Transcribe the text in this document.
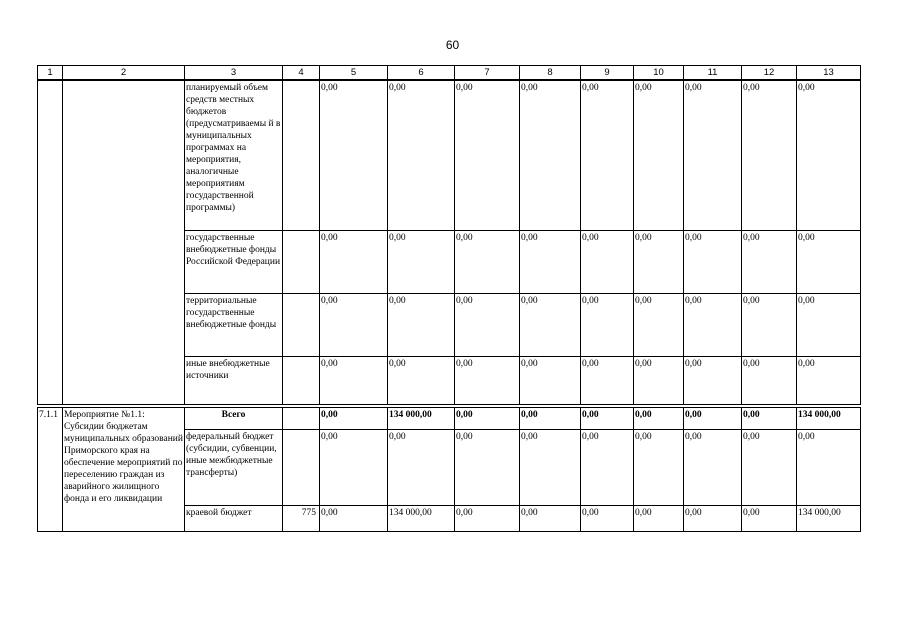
60
1	2	3	4	5	6	7	8	9	10	11	12	13
		планируемый объем средств местных бюджетов (предусматриваемы й в муниципальных программах на мероприятия, аналогичные мероприятиям государственной программы)		0,00	0,00	0,00	0,00	0,00	0,00	0,00	0,00	0,00
		государственные внебюджетные фонды Российской Федерации		0,00	0,00	0,00	0,00	0,00	0,00	0,00	0,00	0,00
		территориальные государственные внебюджетные фонды		0,00	0,00	0,00	0,00	0,00	0,00	0,00	0,00	0,00
		иные внебюджетные источники		0,00	0,00	0,00	0,00	0,00	0,00	0,00	0,00	0,00

7.1.1	Мероприятие №1.1: Субсидии бюджетам муниципальных образований Приморского края на обеспечение мероприятий по переселению граждан из аварийного жилищного фонда и его ликвидации	Всего		0,00	134 000,00	0,00	0,00	0,00	0,00	0,00	0,00	134 000,00
		федеральный бюджет (субсидии, субвенции, иные межбюджетные трансферты)		0,00	0,00	0,00	0,00	0,00	0,00	0,00	0,00	0,00
		краевой бюджет	775	0,00	134 000,00	0,00	0,00	0,00	0,00	0,00	0,00	134 000,00
